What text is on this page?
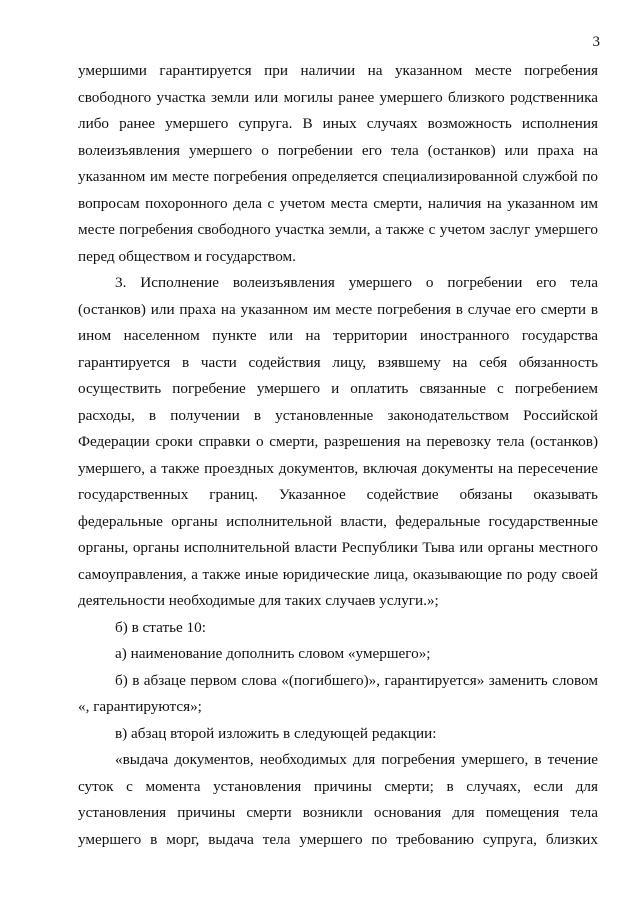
3
умершими гарантируется при наличии на указанном месте погребения
свободного участка земли или могилы ранее умершего близкого родственника
либо ранее умершего супруга. В иных случаях возможность исполнения
волеизъявления умершего о погребении его тела (останков) или праха на
указанном им месте погребения определяется специализированной службой по
вопросам похоронного дела с учетом места смерти, наличия на указанном им
месте погребения свободного участка земли, а также с учетом заслуг умершего
перед обществом и государством.
3. Исполнение волеизъявления умершего о погребении его тела
(останков) или праха на указанном им месте погребения в случае его смерти в
ином населенном пункте или на территории иностранного государства
гарантируется в части содействия лицу, взявшему на себя обязанность
осуществить погребение умершего и оплатить связанные с погребением
расходы, в получении в установленные законодательством Российской
Федерации сроки справки о смерти, разрешения на перевозку тела (останков)
умершего, а также проездных документов, включая документы на пересечение
государственных границ. Указанное содействие обязаны оказывать
федеральные органы исполнительной власти, федеральные государственные
органы, органы исполнительной власти Республики Тыва или органы местного
самоуправления, а также иные юридические лица, оказывающие по роду своей
деятельности необходимые для таких случаев услуги.»;
б) в статье 10:
а) наименование дополнить словом «умершего»;
б) в абзаце первом слова «(погибшего)», гарантируется» заменить словом
«, гарантируются»;
в) абзац второй изложить в следующей редакции:
«выдача документов, необходимых для погребения умершего, в течение
суток с момента установления причины смерти; в случаях, если для
установления причины смерти возникли основания для помещения тела
умершего в морг, выдача тела умершего по требованию супруга, близких
